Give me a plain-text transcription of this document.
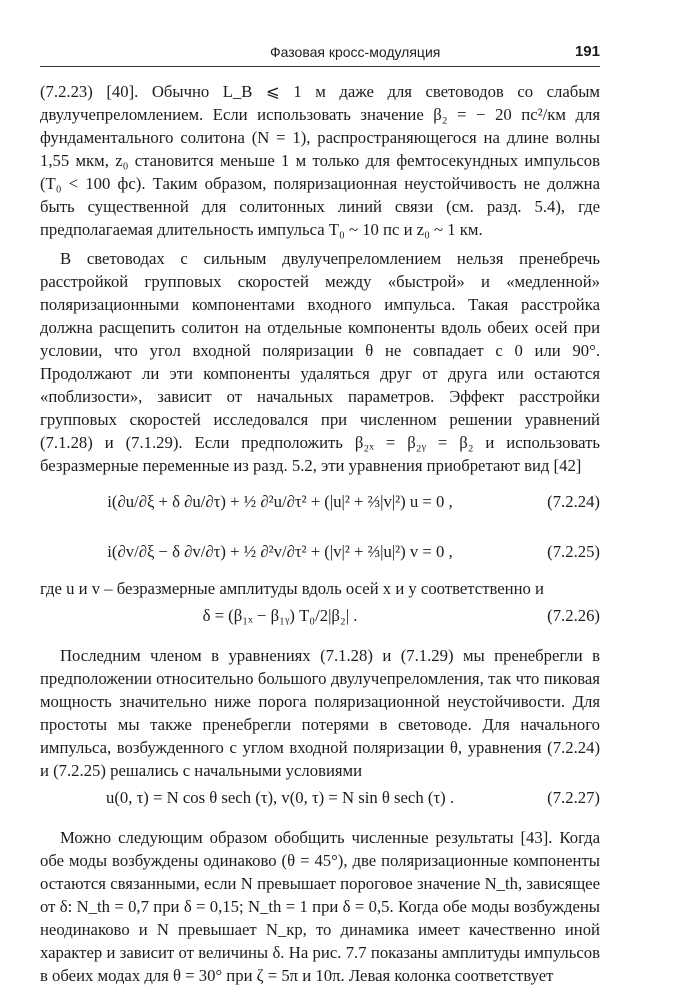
Фазовая кросс-модуляция	191

(7.2.23) [40]. Обычно L_B ⩽ 1 м даже для световодов со слабым двулучепреломлением. Если использовать значение β₂ = − 20 пс²/км для фундаментального солитона (N = 1), распространяющегося на длине волны 1,55 мкм, z₀ становится меньше 1 м только для фемтосекундных импульсов (T₀ < 100 фс). Таким образом, поляризационная неустойчивость не должна быть существенной для солитонных линий связи (см. разд. 5.4), где предполагаемая длительность импульса T₀ ~ 10 пс и z₀ ~ 1 км.

В световодах с сильным двулучепреломлением нельзя пренебречь расстройкой групповых скоростей между «быстрой» и «медленной» поляризационными компонентами входного импульса. Такая расстройка должна расщепить солитон на отдельные компоненты вдоль обеих осей при условии, что угол входной поляризации θ не совпадает с 0 или 90°. Продолжают ли эти компоненты удаляться друг от друга или остаются «поблизости», зависит от начальных параметров. Эффект расстройки групповых скоростей исследовался при численном решении уравнений (7.1.28) и (7.1.29). Если предположить β₂ₓ = β₂ᵧ = β₂ и использовать безразмерные переменные из разд. 5.2, эти уравнения приобретают вид [42]

i(∂u/∂ξ + δ ∂u/∂τ) + ½ ∂²u/∂τ² + (|u|² + ⅔|v|²) u = 0 ,	(7.2.24)
i(∂v/∂ξ − δ ∂v/∂τ) + ½ ∂²v/∂τ² + (|v|² + ⅔|u|²) v = 0 ,	(7.2.25)

где u и v – безразмерные амплитуды вдоль осей x и y соответственно и

δ = (β₁ₓ − β₁ᵧ) T₀/2|β₂| .	(7.2.26)

Последним членом в уравнениях (7.1.28) и (7.1.29) мы пренебрегли в предположении относительно большого двулучепреломления, так что пиковая мощность значительно ниже порога поляризационной неустойчивости. Для простоты мы также пренебрегли потерями в световоде. Для начального импульса, возбужденного с углом входной поляризации θ, уравнения (7.2.24) и (7.2.25) решались с начальными условиями

u(0, τ) = N cos θ sech (τ), v(0, τ) = N sin θ sech (τ) .	(7.2.27)

Можно следующим образом обобщить численные результаты [43]. Когда обе моды возбуждены одинаково (θ = 45°), две поляризационные компоненты остаются связанными, если N превышает пороговое значение N_th, зависящее от δ: N_th = 0,7 при δ = 0,15; N_th = 1 при δ = 0,5. Когда обе моды возбуждены неодинаково и N превышает N_кр, то динамика имеет качественно иной характер и зависит от величины δ. На рис. 7.7 показаны амплитуды импульсов в обеих модах для θ = 30° при ζ = 5π и 10π. Левая колонка соответствует
